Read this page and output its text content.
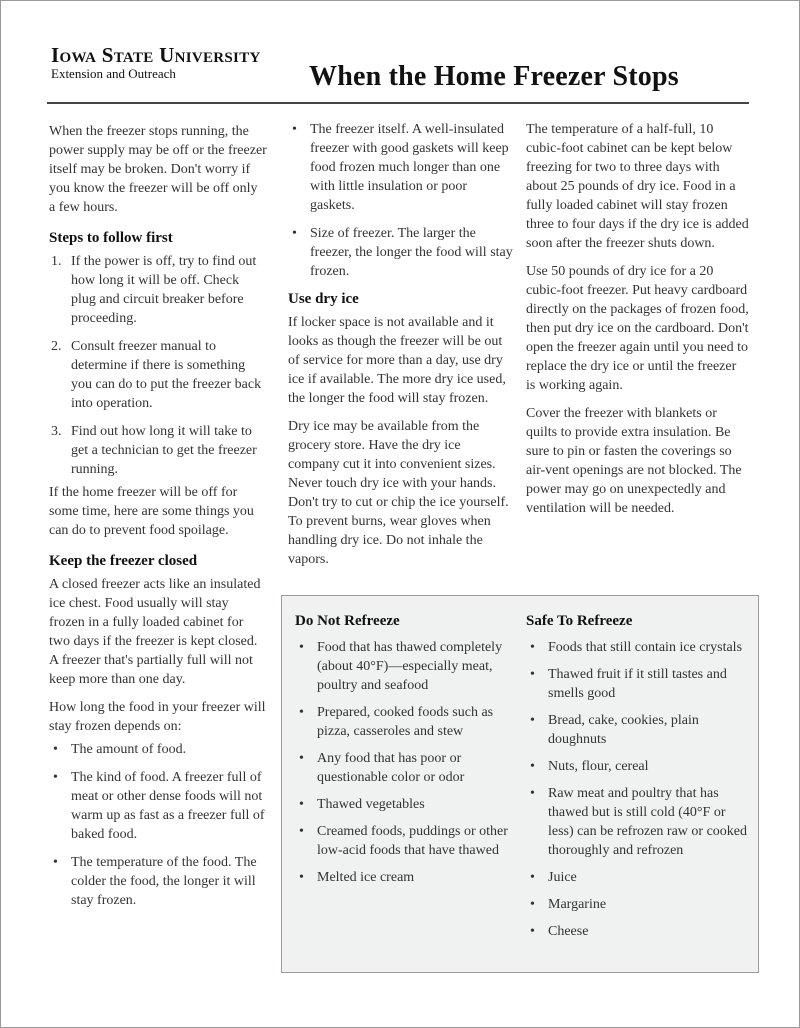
Iowa State University
Extension and Outreach	When the Home Freezer Stops

When the freezer stops running, the power supply may be off or the freezer itself may be broken. Don't worry if you know the freezer will be off only a few hours.

Steps to follow first
1. If the power is off, try to find out how long it will be off. Check plug and circuit breaker before proceeding.
2. Consult freezer manual to determine if there is something you can do to put the freezer back into operation.
3. Find out how long it will take to get a technician to get the freezer running.

If the home freezer will be off for some time, here are some things you can do to prevent food spoilage.

Keep the freezer closed

A closed freezer acts like an insulated ice chest. Food usually will stay frozen in a fully loaded cabinet for two days if the freezer is kept closed. A freezer that's partially full will not keep more than one day.

How long the food in your freezer will stay frozen depends on:

• The amount of food.
• The kind of food. A freezer full of meat or other dense foods will not warm up as fast as a freezer full of baked food.
• The temperature of the food. The colder the food, the longer it will stay frozen.
• The freezer itself. A well-insulated freezer with good gaskets will keep food frozen much longer than one with little insulation or poor gaskets.
• Size of freezer. The larger the freezer, the longer the food will stay frozen.
Use dry ice

If locker space is not available and it looks as though the freezer will be out of service for more than a day, use dry ice if available. The more dry ice used, the longer the food will stay frozen.

Dry ice may be available from the grocery store. Have the dry ice company cut it into convenient sizes. Never touch dry ice with your hands. Don't try to cut or chip the ice yourself. To prevent burns, wear gloves when handling dry ice. Do not inhale the vapors.

The temperature of a half-full, 10 cubic-foot cabinet can be kept below freezing for two to three days with about 25 pounds of dry ice. Food in a fully loaded cabinet will stay frozen three to four days if the dry ice is added soon after the freezer shuts down.

Use 50 pounds of dry ice for a 20 cubic-foot freezer. Put heavy cardboard directly on the packages of frozen food, then put dry ice on the cardboard. Don't open the freezer again until you need to replace the dry ice or until the freezer is working again.

Cover the freezer with blankets or quilts to provide extra insulation. Be sure to pin or fasten the coverings so air-vent openings are not blocked. The power may go on unexpectedly and ventilation will be needed.

Do Not Refreeze
• Food that has thawed completely (about 40°F)—especially meat, poultry and seafood
• Prepared, cooked foods such as pizza, casseroles and stew
• Any food that has poor or questionable color or odor
• Thawed vegetables
• Creamed foods, puddings or other low-acid foods that have thawed
• Melted ice cream
Safe To Refreeze
• Foods that still contain ice crystals
• Thawed fruit if it still tastes and smells good
• Bread, cake, cookies, plain doughnuts
• Nuts, flour, cereal
• Raw meat and poultry that has thawed but is still cold (40°F or less) can be refrozen raw or cooked thoroughly and refrozen
• Juice
• Margarine
• Cheese
